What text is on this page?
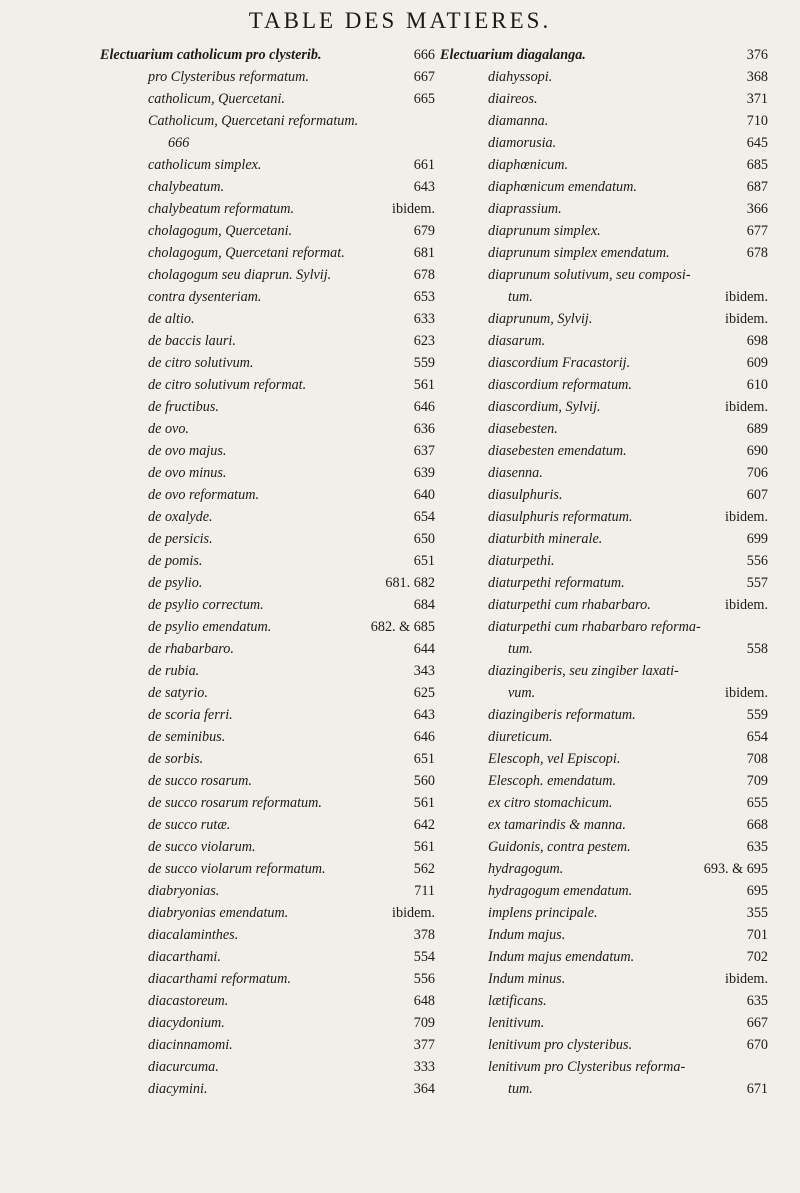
TABLE DES MATIERES.
Electuarium catholicum pro clysterib.	666
pro Clysteribus reformatum.	667
catholicum, Quercetani.	665
Catholicum, Quercetani reformatum.
666
catholicum simplex.	661
chalybeatum.	643
chalybeatum reformatum.	ibidem.
cholagogum, Quercetani.	679
cholagogum, Quercetani reformat.	681
cholagogum seu diaprun. Sylvij.	678
contra dysenteriam.	653
de altio.	633
de baccis lauri.	623
de citro solutivum.	559
de citro solutivum reformat.	561
de fructibus.	646
de ovo.	636
de ovo majus.	637
de ovo minus.	639
de ovo reformatum.	640
de oxalyde.	654
de persicis.	650
de pomis.	651
de psylio.	681. 682
de psylio correctum.	684
de psylio emendatum.	682. & 685
de rhabarbaro.	644
de rubia.	343
de satyrio.	625
de scoria ferri.	643
de seminibus.	646
de sorbis.	651
de succo rosarum.	560
de succo rosarum reformatum.	561
de succo rutæ.	642
de succo violarum.	561
de succo violarum reformatum.	562
diabryonias.	711
diabryonias emendatum.	ibidem.
diacalaminthes.	378
diacarthami.	554
diacarthami reformatum.	556
diacastoreum.	648
diacydonium.	709
diacinnamomi.	377
diacurcuma.	333
diacymini.	364
Electuarium diagalanga.	376
diahyssopi.	368
diaireos.	371
diamanna.	710
diamorusia.	645
diaphœnicum.	685
diaphœnicum emendatum.	687
diaprassium.	366
diaprunum simplex.	677
diaprunum simplex emendatum.	678
diaprunum solutivum, seu composi-
tum.	ibidem.
diaprunum, Sylvij.	ibidem.
diasarum.	698
diascordium Fracastorij.	609
diascordium reformatum.	610
diascordium, Sylvij.	ibidem.
diasebesten.	689
diasebesten emendatum.	690
diasenna.	706
diasulphuris.	607
diasulphuris reformatum.	ibidem.
diaturbith minerale.	699
diaturpethi.	556
diaturpethi reformatum.	557
diaturpethi cum rhabarbaro.	ibidem.
diaturpethi cum rhabarbaro reforma-
tum.	558
diazingiberis, seu zingiber laxati-
vum.	ibidem.
diazingiberis reformatum.	559
diureticum.	654
Elescoph, vel Episcopi.	708
Elescoph. emendatum.	709
ex citro stomachicum.	655
ex tamarindis & manna.	668
Guidonis, contra pestem.	635
hydragogum.	693. & 695
hydragogum emendatum.	695
implens principale.	355
Indum majus.	701
Indum majus emendatum.	702
Indum minus.	ibidem.
lætificans.	635
lenitivum.	667
lenitivum pro clysteribus.	670
lenitivum pro Clysteribus reforma-
tum.	671
